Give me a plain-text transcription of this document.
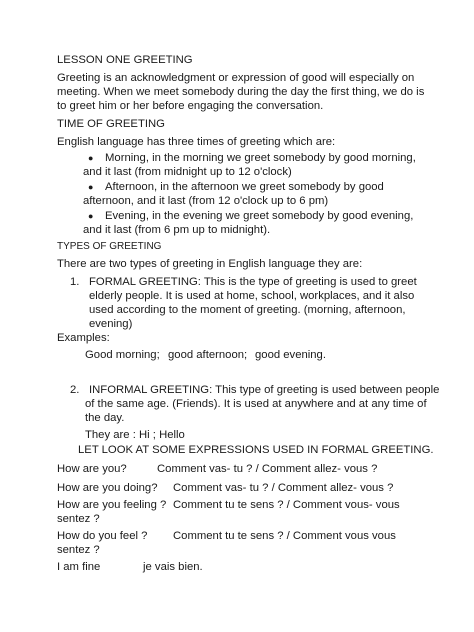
LESSON ONE GREETING
Greeting is an acknowledgment or expression of good will especially on
meeting. When we meet somebody during the day the first thing, we do is
to greet him or her before engaging the conversation.
TIME OF GREETING
English language has three times of greeting which are:
● Morning, in the morning we greet somebody by good morning,
and it last (from midnight up to 12 o'clock)
● Afternoon, in the afternoon we greet somebody by good
afternoon, and it last (from 12 o'clock up to 6 pm)
● Evening, in the evening we greet somebody by good evening,
and it last (from 6 pm up to midnight).
TYPES OF GREETING
There are two types of greeting in English language they are:
1. FORMAL GREETING: This is the type of greeting is used to greet
elderly people. It is used at home, school, workplaces, and it also
used according to the moment of greeting. (morning, afternoon,
evening)
Examples:
Good morning; good afternoon; good evening.
2. INFORMAL GREETING: This type of greeting is used between people
of the same age. (Friends). It is used at anywhere and at any time of
the day.
They are : Hi ; Hello
LET LOOK AT SOME EXPRESSIONS USED IN FORMAL GREETING.
How are you?	Comment vas- tu ? / Comment allez- vous ?
How are you doing? Comment vas- tu ? / Comment allez- vous ?
How are you feeling ? Comment tu te sens ? / Comment vous- vous
sentez ?
How do you feel ? Comment tu te sens ? / Comment vous vous
sentez ?
I am fine	je vais bien.
